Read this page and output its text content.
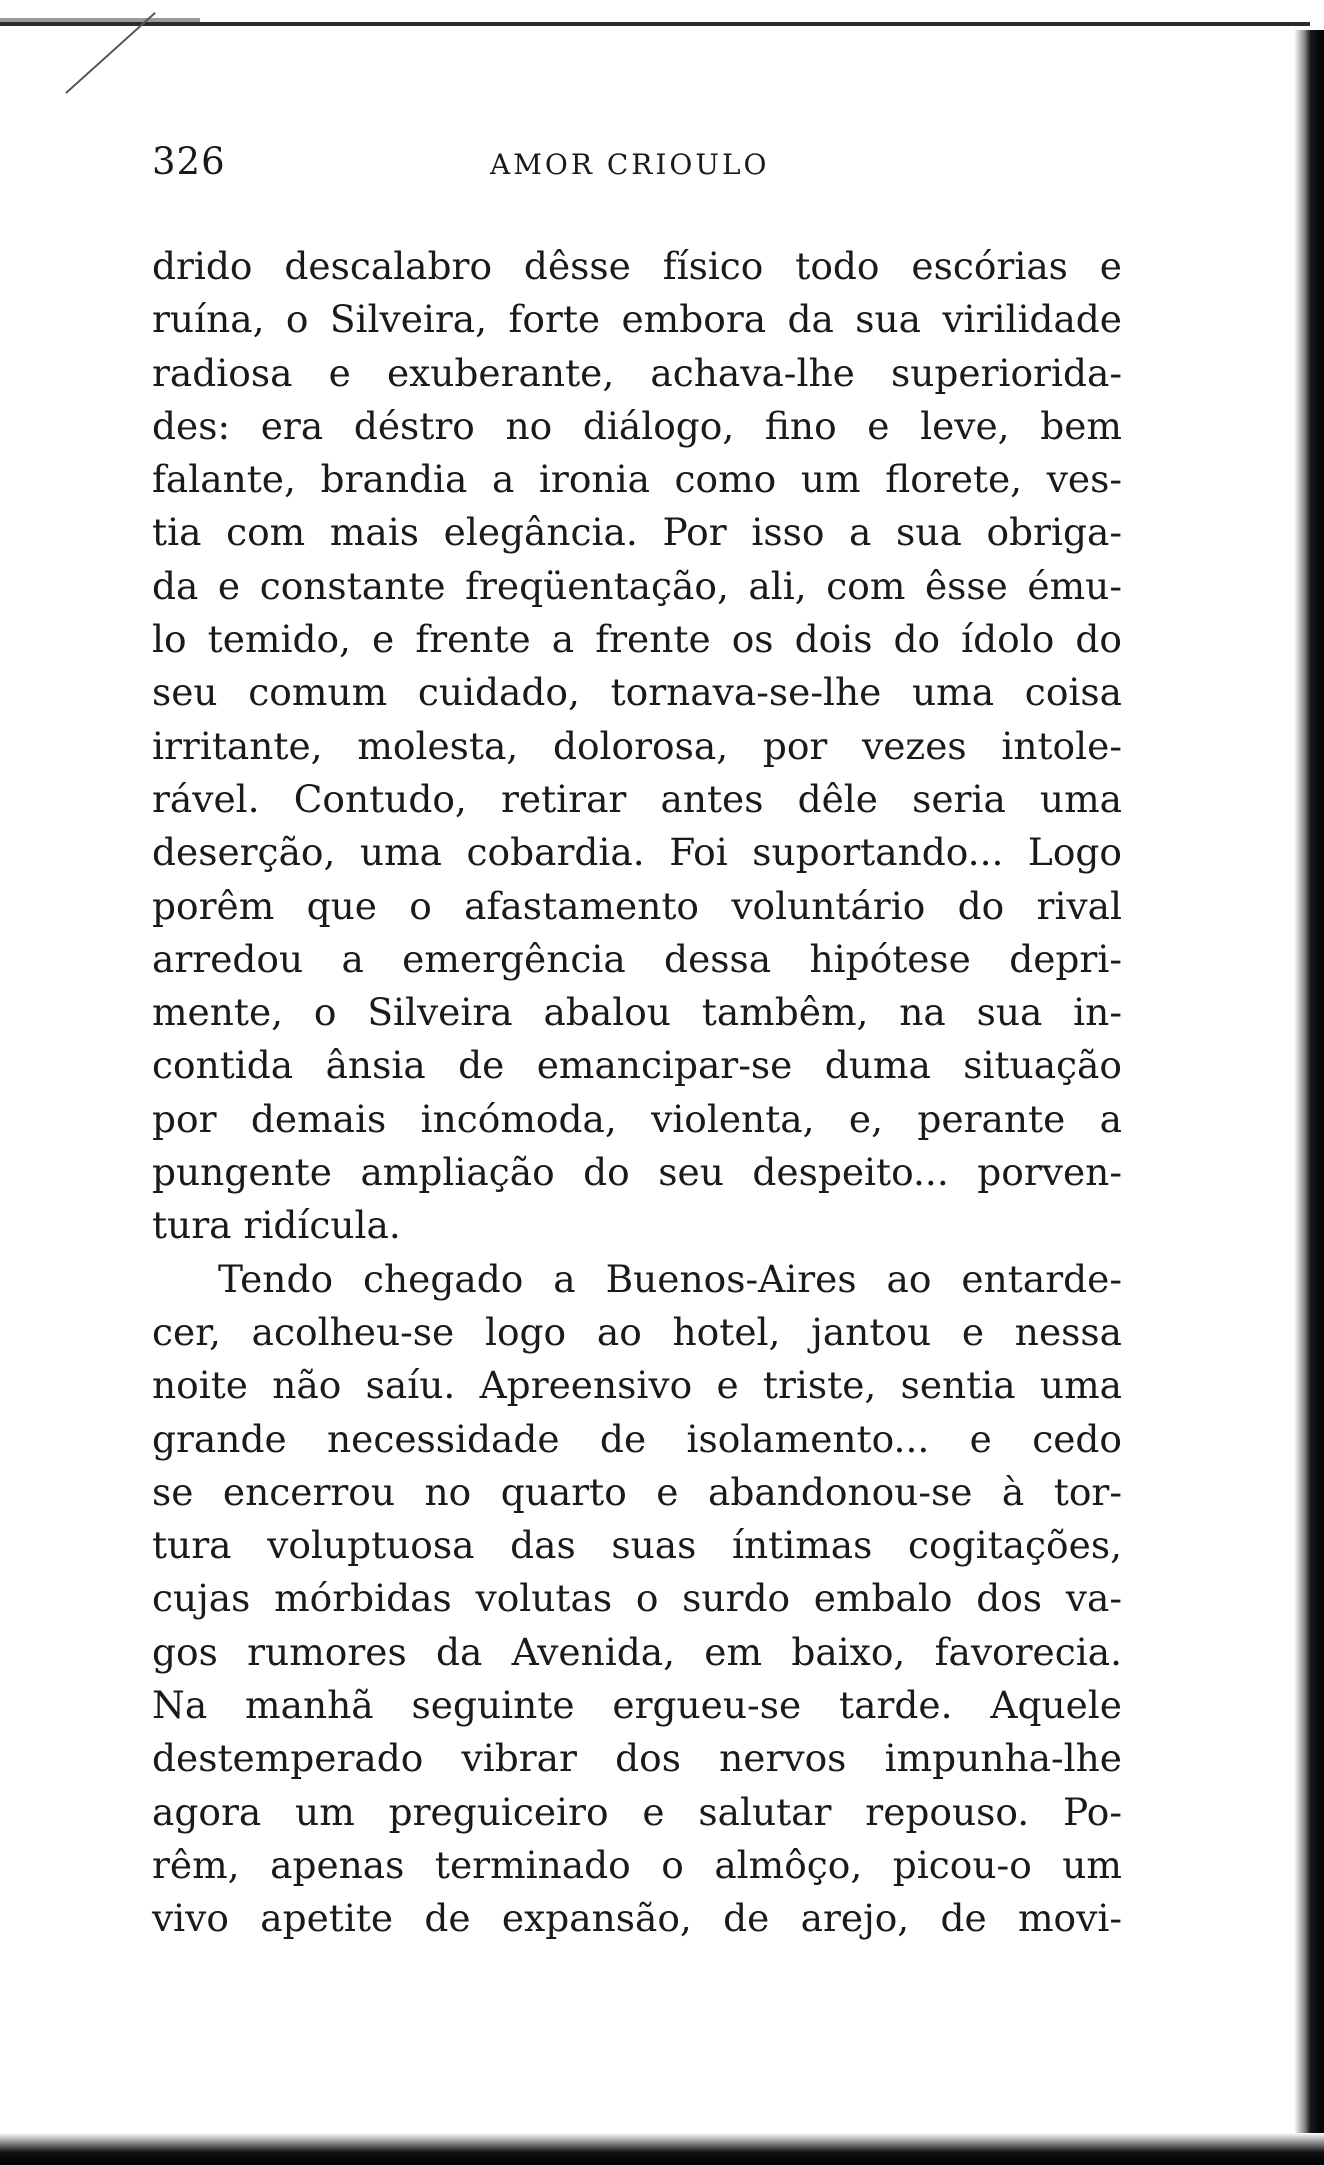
326	AMOR CRIOULO
drido descalabro dêsse físico todo escórias e
ruína, o Silveira, forte embora da sua virilidade
radiosa e exuberante, achava-lhe superiorida-
des: era déstro no diálogo, fino e leve, bem
falante, brandia a ironia como um florete, ves-
tia com mais elegância. Por isso a sua obriga-
da e constante freqüentação, ali, com êsse ému-
lo temido, e frente a frente os dois do ídolo do
seu comum cuidado, tornava-se-lhe uma coisa
irritante, molesta, dolorosa, por vezes intole-
rável. Contudo, retirar antes dêle seria uma
deserção, uma cobardia. Foi suportando... Logo
porêm que o afastamento voluntário do rival
arredou a emergência dessa hipótese depri-
mente, o Silveira abalou tambêm, na sua in-
contida ânsia de emancipar-se duma situação
por demais incómoda, violenta, e, perante a
pungente ampliação do seu despeito... porven-
tura ridícula.
Tendo chegado a Buenos-Aires ao entarde-
cer, acolheu-se logo ao hotel, jantou e nessa
noite não saíu. Apreensivo e triste, sentia uma
grande necessidade de isolamento... e cedo
se encerrou no quarto e abandonou-se à tor-
tura voluptuosa das suas íntimas cogitações,
cujas mórbidas volutas o surdo embalo dos va-
gos rumores da Avenida, em baixo, favorecia.
Na manhã seguinte ergueu-se tarde. Aquele
destemperado vibrar dos nervos impunha-lhe
agora um preguiceiro e salutar repouso. Po-
rêm, apenas terminado o almôço, picou-o um
vivo apetite de expansão, de arejo, de movi-
